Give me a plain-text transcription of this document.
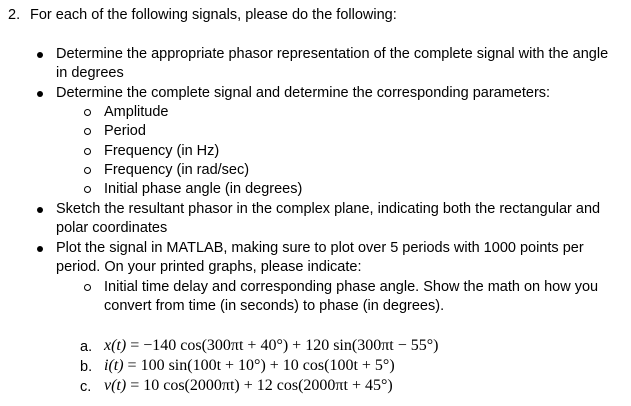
2. For each of the following signals, please do the following:
Determine the appropriate phasor representation of the complete signal with the angle
in degrees
Determine the complete signal and determine the corresponding parameters:
Amplitude
Period
Frequency (in Hz)
Frequency (in rad/sec)
Initial phase angle (in degrees)
Sketch the resultant phasor in the complex plane, indicating both the rectangular and
polar coordinates
Plot the signal in MATLAB, making sure to plot over 5 periods with 1000 points per
period. On your printed graphs, please indicate:
Initial time delay and corresponding phase angle. Show the math on how you
convert from time (in seconds) to phase (in degrees).
a. x(t) = −140 cos(300πt + 40°) + 120 sin(300πt − 55°)
b. i(t) = 100 sin(100t + 10°) + 10 cos(100t + 5°)
c. v(t) = 10 cos(2000πt) + 12 cos(2000πt + 45°)
